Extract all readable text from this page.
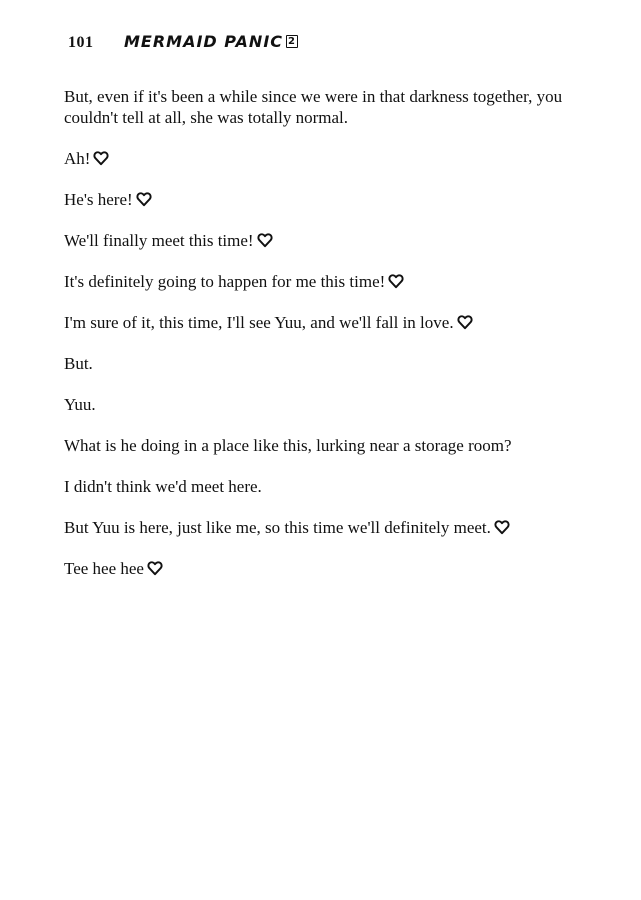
101	MERMAID PANIC 2

But, even if it's been a while since we were in that darkness together, you couldn't tell at all, she was totally normal.

Ah!

He's here!

We'll finally meet this time!

It's definitely going to happen for me this time!

I'm sure of it, this time, I'll see Yuu, and we'll fall in love.

But.

Yuu.

What is he doing in a place like this, lurking near a storage room?

I didn't think we'd meet here.

But Yuu is here, just like me, so this time we'll definitely meet.

Tee hee hee
